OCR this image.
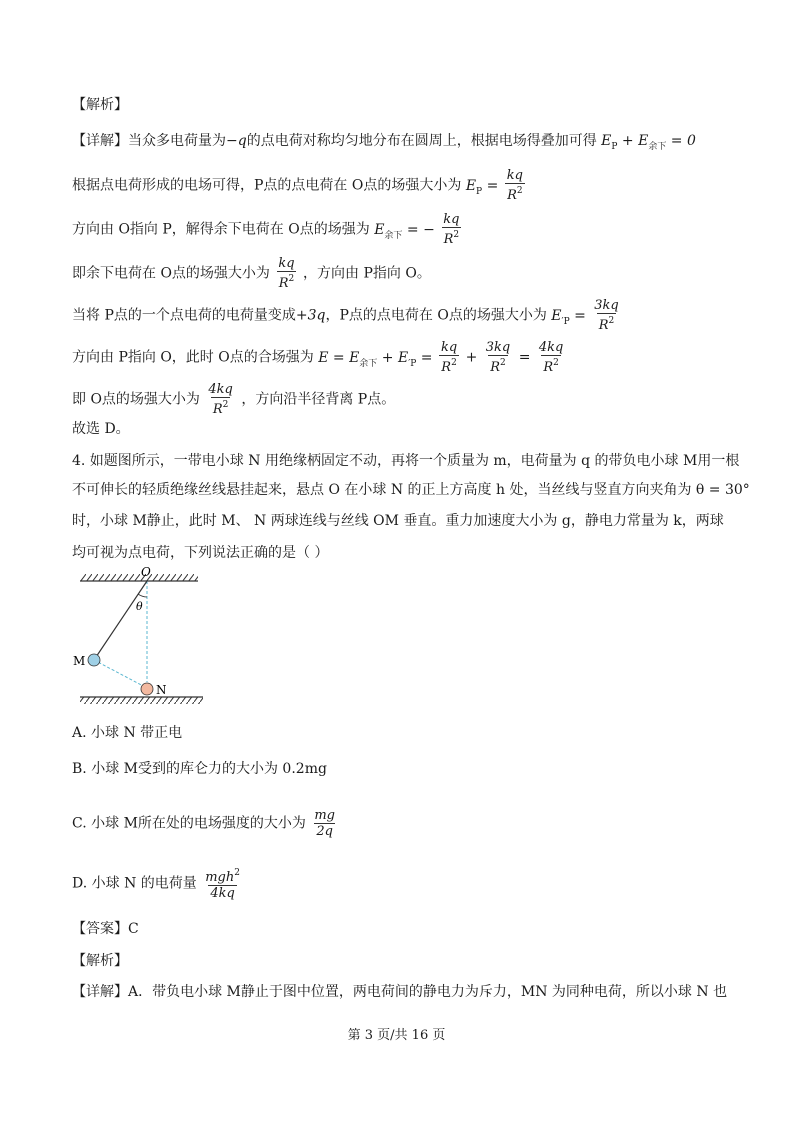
【解析】
【详解】当众多电荷量为−q的点电荷对称均匀地分布在圆周上，根据电场得叠加可得 $E_P + E_{余下} = 0$
根据点电荷形成的电场可得，P点的点电荷在 O点的场强大小为 $E_P = \frac{kq}{R^2}$
方向由 O指向 P，解得余下电荷在 O点的场强为 $E_{余下}$ = − $\frac{kq}{R^2}$
即余下电荷在 O点的场强大小为 $\frac{kq}{R^2}$ ，方向由 P指向 O。
当将 P点的一个点电荷的电荷量变成+3q，P点的点电荷在 O点的场强大小为 $E_{'P} = \frac{3kq}{R^2}$
方向由 P指向 O，此时 O点的合场强为 $E = E_{余下} + E_{'P} = \frac{kq}{R^2} + \frac{3kq}{R^2} = \frac{4kq}{R^2}$
即 O点的场强大小为 $\frac{4kq}{R^2}$ ，方向沿半径背离 P点。
故选 D。
4. 如题图所示，一带电小球 N 用绝缘柄固定不动，再将一个质量为 m，电荷量为 q 的带负电小球 M用一根
不可伸长的轻质绝缘丝线悬挂起来，悬点 O 在小球 N 的正上方高度 h 处，当丝线与竖直方向夹角为 θ = 30°
时，小球 M静止，此时 M、 N 两球连线与丝线 OM 垂直。重力加速度大小为 g，静电力常量为 k，两球
均可视为点电荷，下列说法正确的是（ ）
O
θ
M
N
A. 小球 N 带正电
B. 小球 M受到的库仑力的大小为 0.2mg
C. 小球 M所在处的电场强度的大小为 $\frac{mg}{2q}$
D. 小球 N 的电荷量 $\frac{mgh^2}{4kq}$
【答案】C
【解析】
【详解】A．带负电小球 M静止于图中位置，两电荷间的静电力为斥力，MN 为同种电荷，所以小球 N 也
第 3 页/共 16 页
